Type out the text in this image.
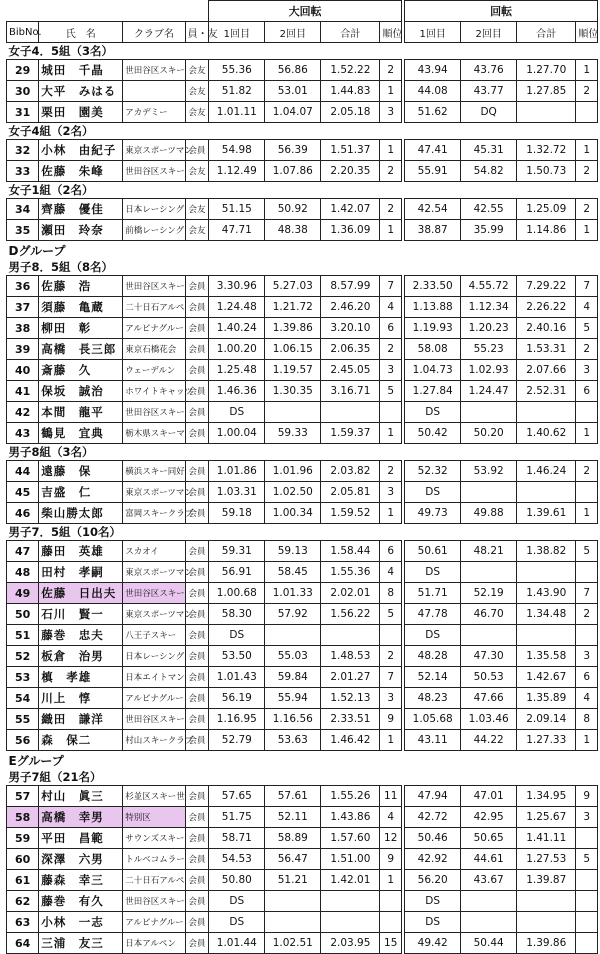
				大回転					回転			
BibNo.	氏　名	クラブ名	員・友	1回目	2回目	合計	順位		1回目	2回目	合計	順位
女子4．5組（3名）												
29	城田　千晶	世田谷区スキー	会友	55.36	56.86	1.52.22	2		43.94	43.76	1.27.70	1
30	大平　みはる		会友	51.82	53.01	1.44.83	1		44.08	43.77	1.27.85	2
31	栗田　園美	アカデミー	会友	1.01.11	1.04.07	2.05.18	3		51.62	DQ		
女子4組（2名）												
32	小林　由紀子	東京スポーツマン	会員	54.98	56.39	1.51.37	1		47.41	45.31	1.32.72	1
33	佐藤　朱峰	世田谷区スキー	会友	1.12.49	1.07.86	2.20.35	2		55.91	54.82	1.50.73	2
女子1組（2名）												
34	齊藤　優佳	日本レーシング	会友	51.15	50.92	1.42.07	2		42.54	42.55	1.25.09	2
35	瀬田　玲奈	前橋レーシング	会友	47.71	48.38	1.36.09	1		38.87	35.99	1.14.86	1
Dグループ												
男子8．5組（8名）												
36	佐藤　浩	世田谷区スキー	会員	3.30.96	5.27.03	8.57.99	7		2.33.50	4.55.72	7.29.22	7
37	須藤　亀蔵	二十日石アルペ	会員	1.24.48	1.21.72	2.46.20	4		1.13.88	1.12.34	2.26.22	4
38	柳田　彰	アルピナグルー	会員	1.40.24	1.39.86	3.20.10	6		1.19.93	1.20.23	2.40.16	5
39	高橋　長三郎	東京石橋花会	会員	1.00.20	1.06.15	2.06.35	2		58.08	55.23	1.53.31	2
40	斎藤　久	ウェーデルン	会員	1.25.48	1.19.57	2.45.05	3		1.04.73	1.02.93	2.07.66	3
41	保坂　誠治	ホワイトキャッツ	会員	1.46.36	1.30.35	3.16.71	5		1.27.84	1.24.47	2.52.31	6
42	本間　龍平	世田谷区スキー	会員	DS					DS			
43	鶴見　宜典	栃木県スキーマ	会員	1.00.04	59.33	1.59.37	1		50.42	50.20	1.40.62	1
男子8組（3名）												
44	遠藤　保	横浜スキー同好	会員	1.01.86	1.01.96	2.03.82	2		52.32	53.92	1.46.24	2
45	吉盛　仁	東京スポーツマン	会員	1.03.31	1.02.50	2.05.81	3		DS			
46	柴山勝太郎	富岡スキークラブ	会員	59.18	1.00.34	1.59.52	1		49.73	49.88	1.39.61	1
男子7．5組（10名）												
47	藤田　英雄	スカオイ	会員	59.31	59.13	1.58.44	6		50.61	48.21	1.38.82	5
48	田村　孝嗣	東京スポーツマン	会員	56.91	58.45	1.55.36	4		DS			
49	佐藤　日出夫	世田谷区スキー	会員	1.00.68	1.01.33	2.02.01	8		51.71	52.19	1.43.90	7
50	石川　賢一	東京スポーツマン	会員	58.30	57.92	1.56.22	5		47.78	46.70	1.34.48	2
51	藤巻　忠夫	八王子スキー	会員	DS					DS			
52	板倉　治男	日本レーシング	会員	53.50	55.03	1.48.53	2		48.28	47.30	1.35.58	3
53	槙　孝雄	日本エイトマン	会員	1.01.43	59.84	2.01.27	7		52.14	50.53	1.42.67	6
54	川上　惇	アルピナグルー	会員	56.19	55.94	1.52.13	3		48.23	47.66	1.35.89	4
55	織田　謙洋	世田谷区スキー	会員	1.16.95	1.16.56	2.33.51	9		1.05.68	1.03.46	2.09.14	8
56	森　保二	村山スキークラブ	会員	52.79	53.63	1.46.42	1		43.11	44.22	1.27.33	1
Eグループ												
男子7組（21名）												
57	村山　眞三	杉並区スキー世	会員	57.65	57.61	1.55.26	11		47.94	47.01	1.34.95	9
58	高橋　幸男	特別区	会員	51.75	52.11	1.43.86	4		42.72	42.95	1.25.67	3
59	平田　昌範	サウンズスキー	会員	58.71	58.89	1.57.60	12		50.46	50.65	1.41.11	
60	深澤　六男	トルベコムラー	会員	54.53	56.47	1.51.00	9		42.92	44.61	1.27.53	5
61	藤森　幸三	二十日石アルペ	会員	50.80	51.21	1.42.01	1		56.20	43.67	1.39.87	
62	藤巻　有久	世田谷区スキー	会員	DS					DS			
63	小林　一志	アルピナグルー	会員	DS					DS			
64	三浦　友三	日本アルペン	会員	1.01.44	1.02.51	2.03.95	15		49.42	50.44	1.39.86	
